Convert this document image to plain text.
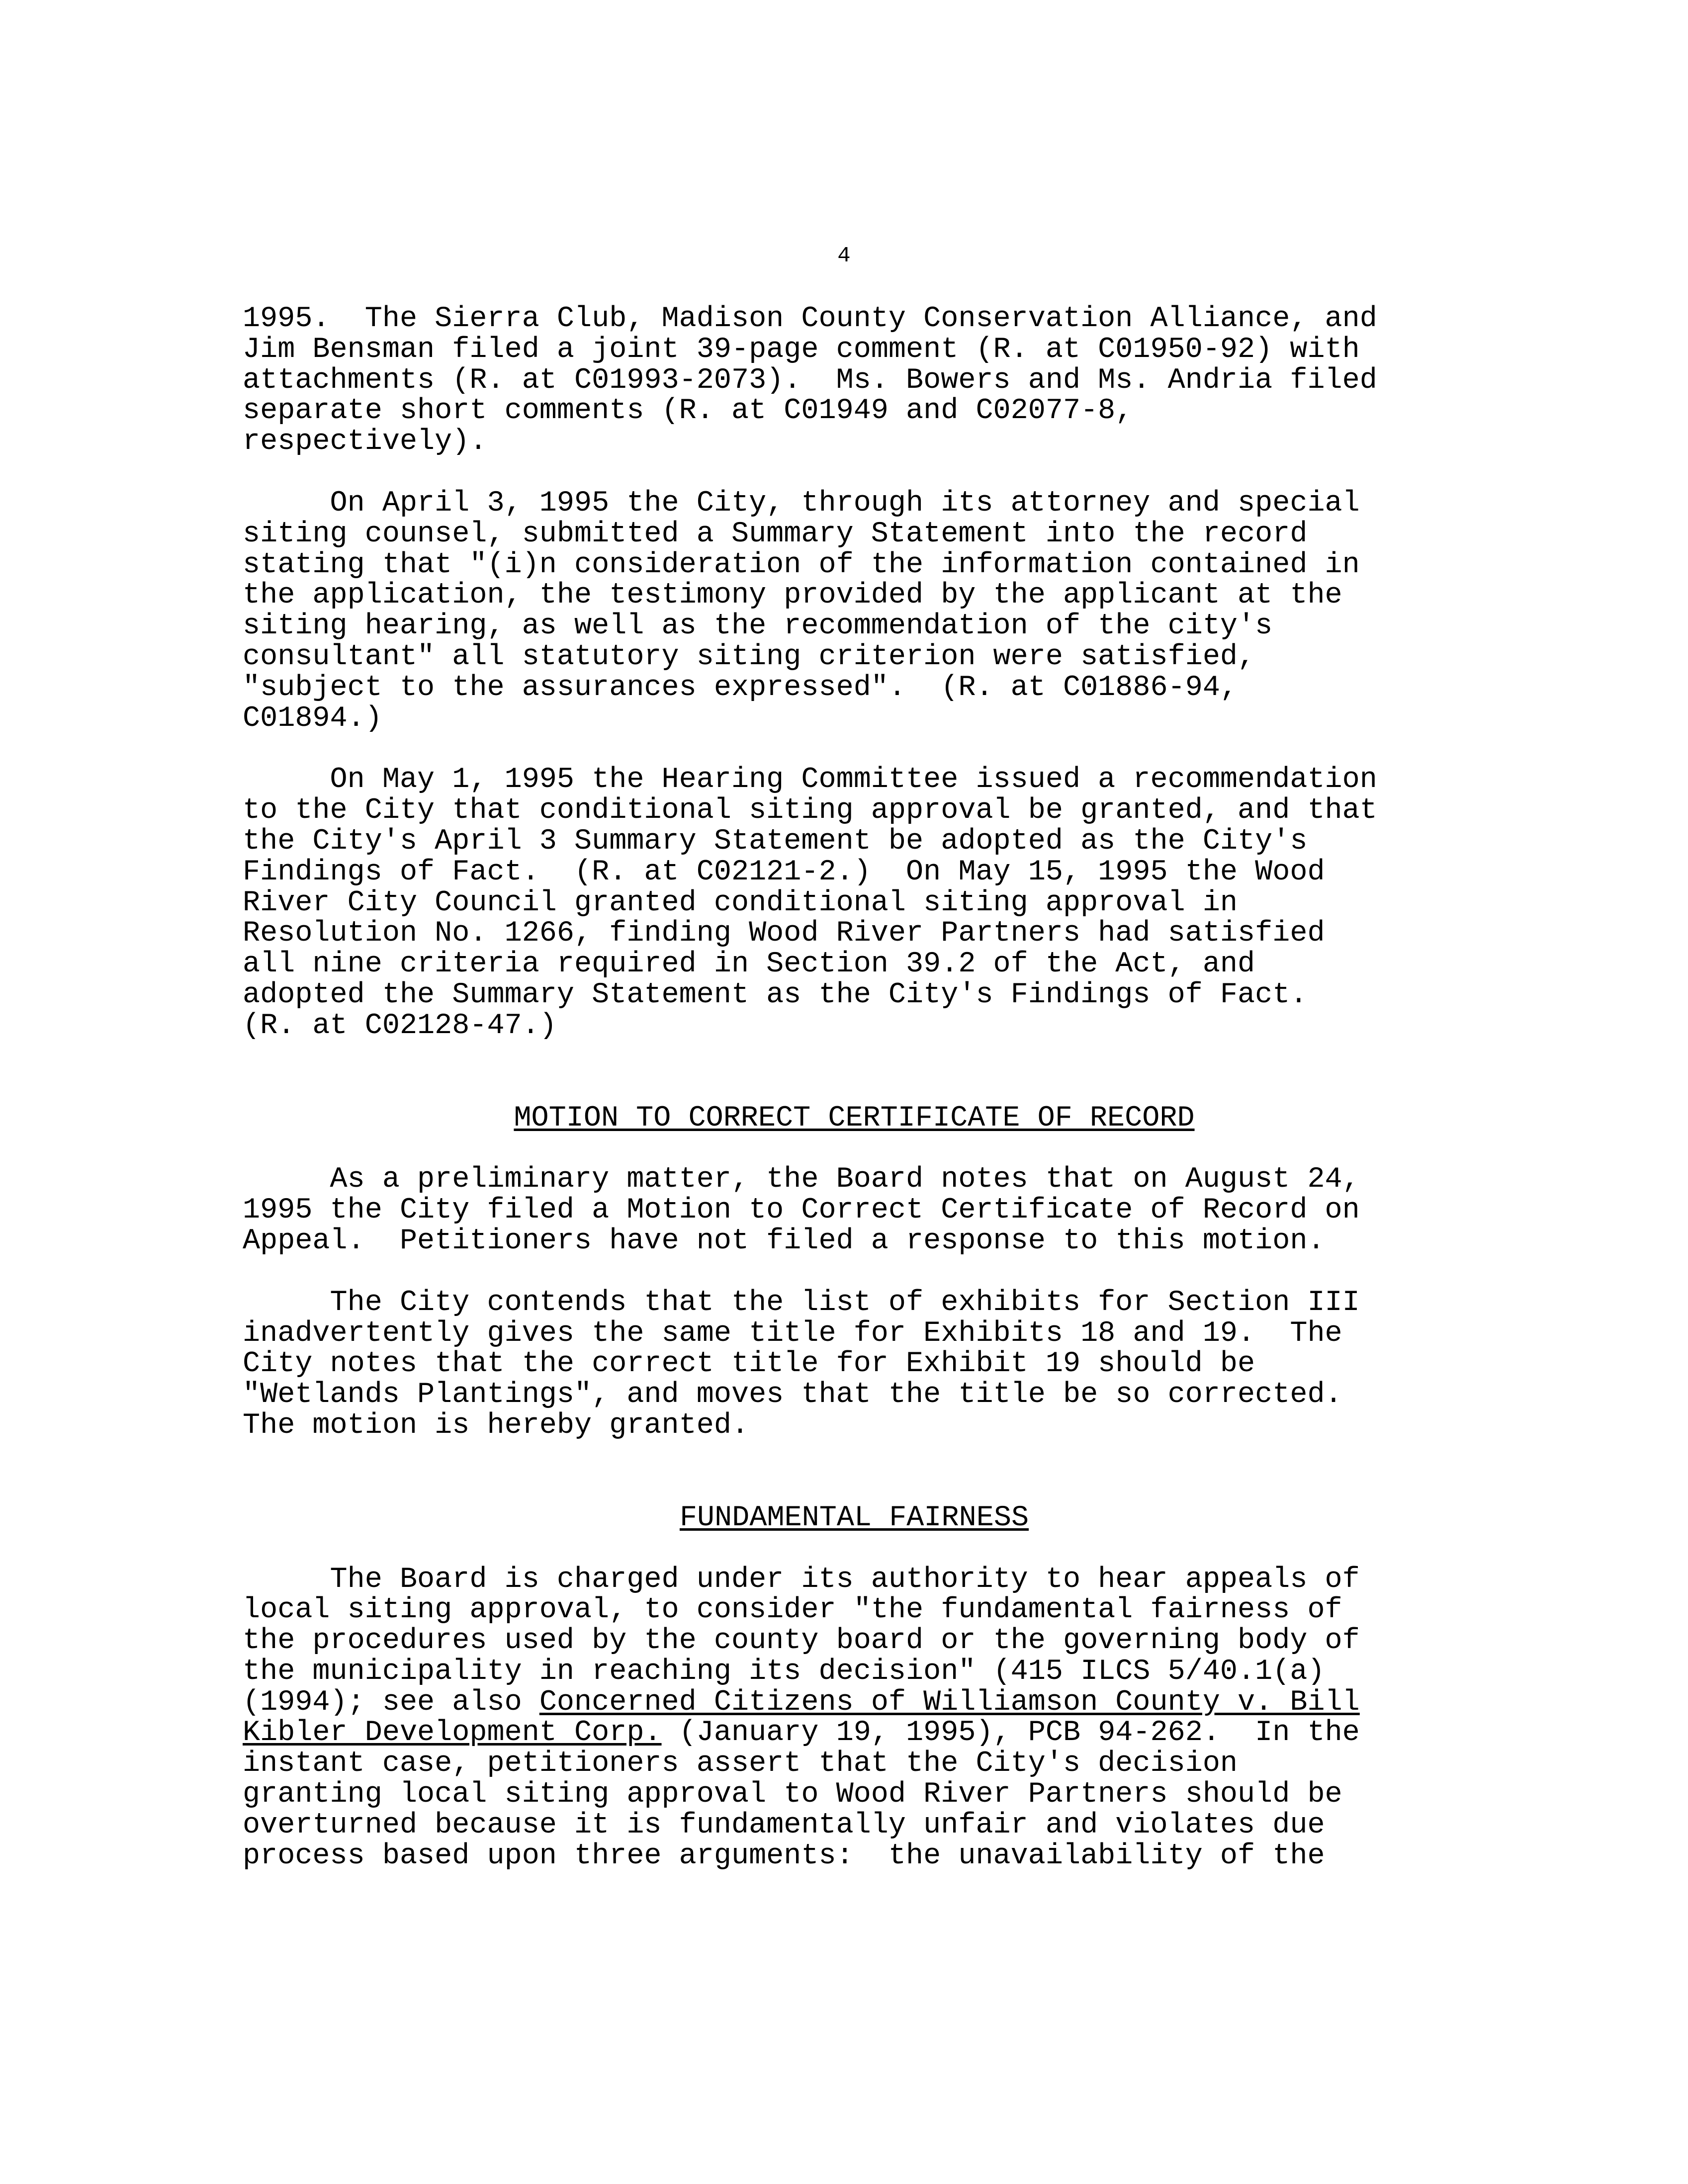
4
1995.  The Sierra Club, Madison County Conservation Alliance, and
Jim Bensman filed a joint 39-page comment (R. at C01950-92) with
attachments (R. at C01993-2073).  Ms. Bowers and Ms. Andria filed
separate short comments (R. at C01949 and C02077-8,
respectively).
On April 3, 1995 the City, through its attorney and special
siting counsel, submitted a Summary Statement into the record
stating that "(i)n consideration of the information contained in
the application, the testimony provided by the applicant at the
siting hearing, as well as the recommendation of the city's
consultant" all statutory siting criterion were satisfied,
"subject to the assurances expressed".  (R. at C01886-94,
C01894.)
On May 1, 1995 the Hearing Committee issued a recommendation
to the City that conditional siting approval be granted, and that
the City's April 3 Summary Statement be adopted as the City's
Findings of Fact.  (R. at C02121-2.)  On May 15, 1995 the Wood
River City Council granted conditional siting approval in
Resolution No. 1266, finding Wood River Partners had satisfied
all nine criteria required in Section 39.2 of the Act, and
adopted the Summary Statement as the City's Findings of Fact.
(R. at C02128-47.)
MOTION TO CORRECT CERTIFICATE OF RECORD
As a preliminary matter, the Board notes that on August 24,
1995 the City filed a Motion to Correct Certificate of Record on
Appeal.  Petitioners have not filed a response to this motion.
The City contends that the list of exhibits for Section III
inadvertently gives the same title for Exhibits 18 and 19.  The
City notes that the correct title for Exhibit 19 should be
"Wetlands Plantings", and moves that the title be so corrected.
The motion is hereby granted.
FUNDAMENTAL FAIRNESS
The Board is charged under its authority to hear appeals of
local siting approval, to consider "the fundamental fairness of
the procedures used by the county board or the governing body of
the municipality in reaching its decision" (415 ILCS 5/40.1(a)
(1994); see also Concerned Citizens of Williamson County v. Bill
Kibler Development Corp. (January 19, 1995), PCB 94-262.  In the
instant case, petitioners assert that the City's decision
granting local siting approval to Wood River Partners should be
overturned because it is fundamentally unfair and violates due
process based upon three arguments:  the unavailability of the
